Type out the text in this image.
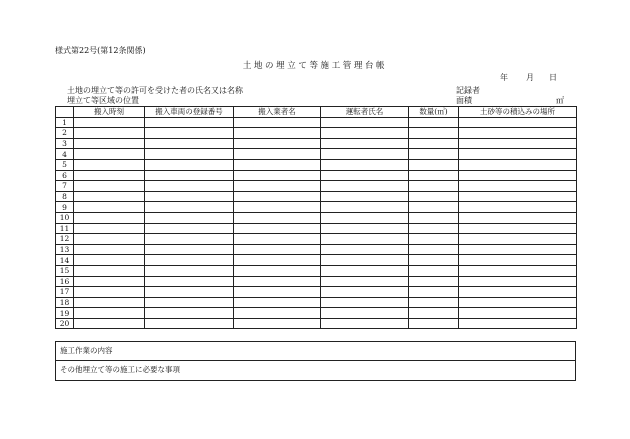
様式第22号(第12条関係)
土地の埋立て等施工管理台帳
年 月 日
土地の埋立て等の許可を受けた者の氏名又は名称	記録者
埋立て等区域の位置	面積	㎡
	搬入時刻	搬入車両の登録番号	搬入業者名	運転者氏名	数量(㎥)	土砂等の積込みの場所
1						
2						
3						
4						
5						
6						
7						
8						
9						
10						
11						
12						
13						
14						
15						
16						
17						
18						
19						
20						
施工作業の内容
その他埋立て等の施工に必要な事項
